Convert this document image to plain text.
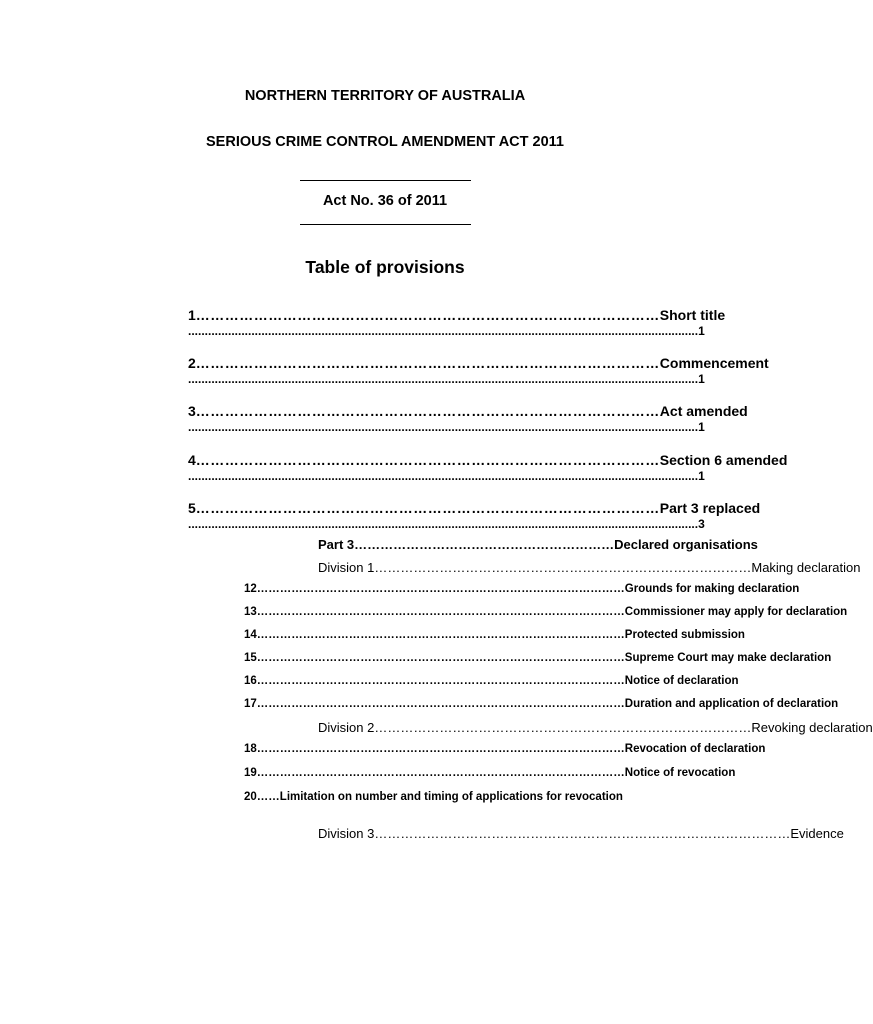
NORTHERN TERRITORY OF AUSTRALIA
SERIOUS CRIME CONTROL AMENDMENT ACT 2011
Act No. 36 of 2011
Table of provisions
1 …………………………………………………………………………………… Short title
......................................................................................................................................................... 1
2 …………………………………………………………………………………… Commencement
......................................................................................................................................................... 1
3 …………………………………………………………………………………… Act amended
......................................................................................................................................................... 1
4 …………………………………………………………………………………… Section 6 amended
......................................................................................................................................................... 1
5 …………………………………………………………………………………… Part 3 replaced
......................................................................................................................................................... 3
Part 3 …………………………………………………… Declared organisations
Division 1 …………………………………………………………………………… Making declaration
12 …………………………………………………………………………………… Grounds for making declaration
13 …………………………………………………………………………………… Commissioner may apply for declaration
14 …………………………………………………………………………………… Protected submission
15 …………………………………………………………………………………… Supreme Court may make declaration
16 …………………………………………………………………………………… Notice of declaration
17 …………………………………………………………………………………… Duration and application of declaration
Division 2 …………………………………………………………………………… Revoking declaration
18 …………………………………………………………………………………… Revocation of declaration
19 …………………………………………………………………………………… Notice of revocation
20……Limitation on number and timing of applications for revocation
Division 3 …………………………………………………………………………………… Evidence
